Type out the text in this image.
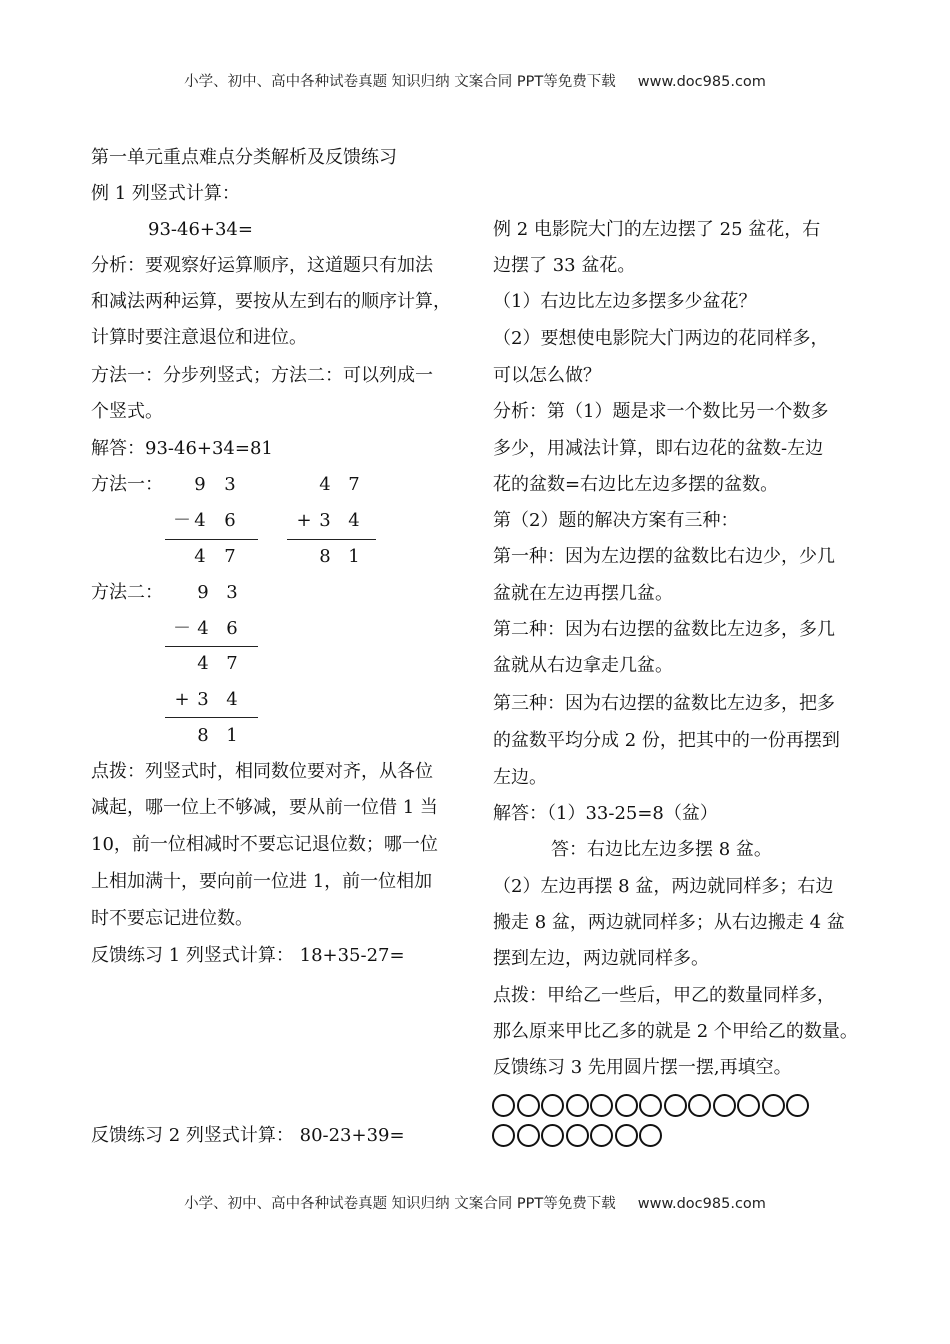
小学、初中、高中各种试卷真题 知识归纳 文案合同 PPT等免费下载 www.doc985.com
第一单元重点难点分类解析及反馈练习
例 1 列竖式计算：
93-46+34=
分析：要观察好运算顺序，这道题只有加法
和减法两种运算，要按从左到右的顺序计算，
计算时要注意退位和进位。
方法一：分步列竖式；方法二：可以列成一
个竖式。
解答：93-46+34=81
方法一：	9	3
－ 4	6
4	7
4 7
+ 3 4
8 1
方法二：	9 3
－ 4 6
4 7
+ 3 4
8 1
点拨：列竖式时，相同数位要对齐，从各位
减起，哪一位上不够减，要从前一位借 1 当
10，前一位相减时不要忘记退位数；哪一位
上相加满十，要向前一位进 1，前一位相加
时不要忘记进位数。
反馈练习 1 列竖式计算： 18+35-27=
反馈练习 2 列竖式计算： 80-23+39=
例 2 电影院大门的左边摆了 25 盆花，右
边摆了 33 盆花。
（1）右边比左边多摆多少盆花？
（2）要想使电影院大门两边的花同样多，
可以怎么做？
分析：第（1）题是求一个数比另一个数多
多少，用减法计算，即右边花的盆数-左边
花的盆数=右边比左边多摆的盆数。
第（2）题的解决方案有三种：
第一种：因为左边摆的盆数比右边少，少几
盆就在左边再摆几盆。
第二种：因为右边摆的盆数比左边多，多几
盆就从右边拿走几盆。
第三种：因为右边摆的盆数比左边多，把多
的盆数平均分成 2 份，把其中的一份再摆到
左边。
解答：（1）33-25=8（盆）
答：右边比左边多摆 8 盆。
（2）左边再摆 8 盆，两边就同样多；右边
搬走 8 盆，两边就同样多；从右边搬走 4 盆
摆到左边，两边就同样多。
点拨：甲给乙一些后，甲乙的数量同样多，
那么原来甲比乙多的就是 2 个甲给乙的数量。
反馈练习 3 先用圆片摆一摆,再填空。
小学、初中、高中各种试卷真题 知识归纳 文案合同 PPT等免费下载 www.doc985.com
